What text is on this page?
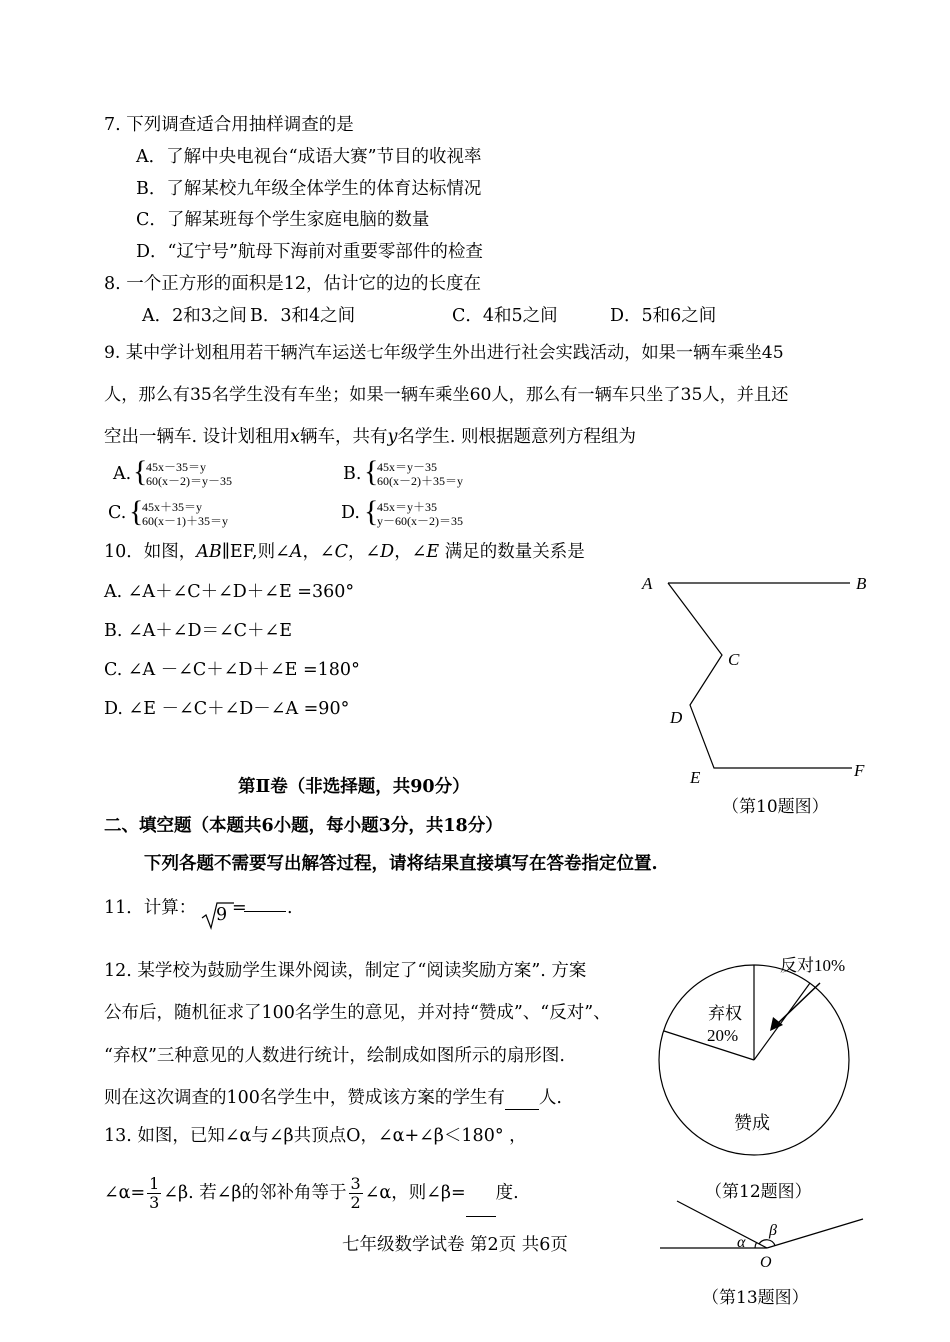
7. 下列调查适合用抽样调查的是
A．了解中央电视台“成语大赛”节目的收视率
B．了解某校九年级全体学生的体育达标情况
C．了解某班每个学生家庭电脑的数量
D．“辽宁号”航母下海前对重要零部件的检查
8. 一个正方形的面积是12，估计它的边的长度在
A．2和3之间 B．3和4之间	C．4和5之间	D．5和6之间
9. 某中学计划租用若干辆汽车运送七年级学生外出进行社会实践活动，如果一辆车乘坐45
人，那么有35名学生没有车坐；如果一辆车乘坐60人，那么有一辆车只坐了35人，并且还
空出一辆车. 设计划租用x辆车，共有y名学生. 则根据题意列方程组为
A. {
45x－35＝y
60(x－2)＝y－35	B. {
45x＝y－35
60(x－2)＋35＝y
C. {
45x＋35＝y
60(x－1)＋35＝y	D. {
45x＝y＋35
y－60(x－2)＝35
10．如图，AB∥EF,则∠A，∠C，∠D，∠E 满足的数量关系是
A. ∠A＋∠C＋∠D＋∠E =360°
B. ∠A＋∠D＝∠C＋∠E
C. ∠A －∠C＋∠D＋∠E =180°
D. ∠E －∠C＋∠D－∠A =90°
A	B
C
D
E	F
（第10题图）
第Ⅱ卷（非选择题，共90分）
二、填空题（本题共6小题，每小题3分，共18分）
下列各题不需要写出解答过程，请将结果直接填写在答卷指定位置.
11．计算： 9 = .
12. 某学校为鼓励学生课外阅读，制定了“阅读奖励方案”. 方案
公布后，随机征求了100名学生的意见，并对持“赞成”、“反对”、
“弃权”三种意见的人数进行统计，绘制成如图所示的扇形图.
则在这次调查的100名学生中，赞成该方案的学生有 人.
反对10%
弃权
20%
赞成
（第12题图）
13. 如图，已知∠α与∠β共顶点O，∠α+∠β＜180° ，
∠α= $\frac{1}{3}$ ∠β. 若∠β的邻补角等于 $\frac{3}{2}$ ∠α，则∠β= 度.
α
β
O
（第13题图）
七年级数学试卷 第2页 共6页
